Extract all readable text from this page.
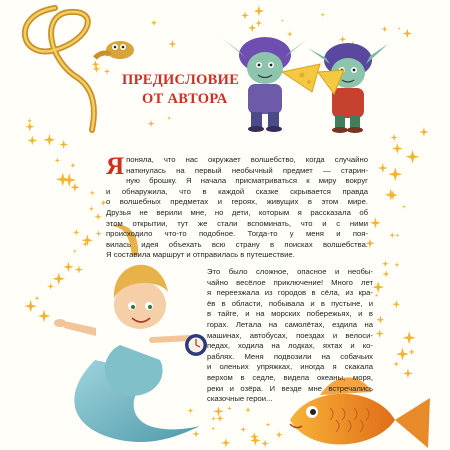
ПРЕДИСЛОВИЕ
ОТ АВТОРА
Я поняла, что нас окружает волшебство, когда случайно
наткнулась на первый необычный предмет — старин-
ную брошку. Я начала присматриваться к миру вокруг
и обнаружила, что в каждой сказке скрывается правда
о волшебных предметах и героях, живущих в этом мире.
Друзья не верили мне, но дети, которым я рассказала об
этом открытии, тут же стали вспоминать, что и с ними
происходило что-то подобное. Тогда-то у меня и поя-
вилась идея объехать всю страну в поисках волшебства.
Я составила маршрут и отправилась в путешествие.
Это было сложное, опасное и необы-
чайно весёлое приключение! Много лет
я переезжала из городов в сёла, из кра-
ёв в области, побывала и в пустыне, и
в тайге, и на морских побережьях, и в
горах. Летала на самолётах, ездила на
машинах, автобусах, поездах и велоси-
педах, ходила на лодках, яхтах и ко-
раблях. Меня подвозили на собачьих
и оленьих упряжках, иногда я скакала
верхом в седле, видела океаны, моря,
реки и озёра. И везде мне встречались
сказочные герои...
